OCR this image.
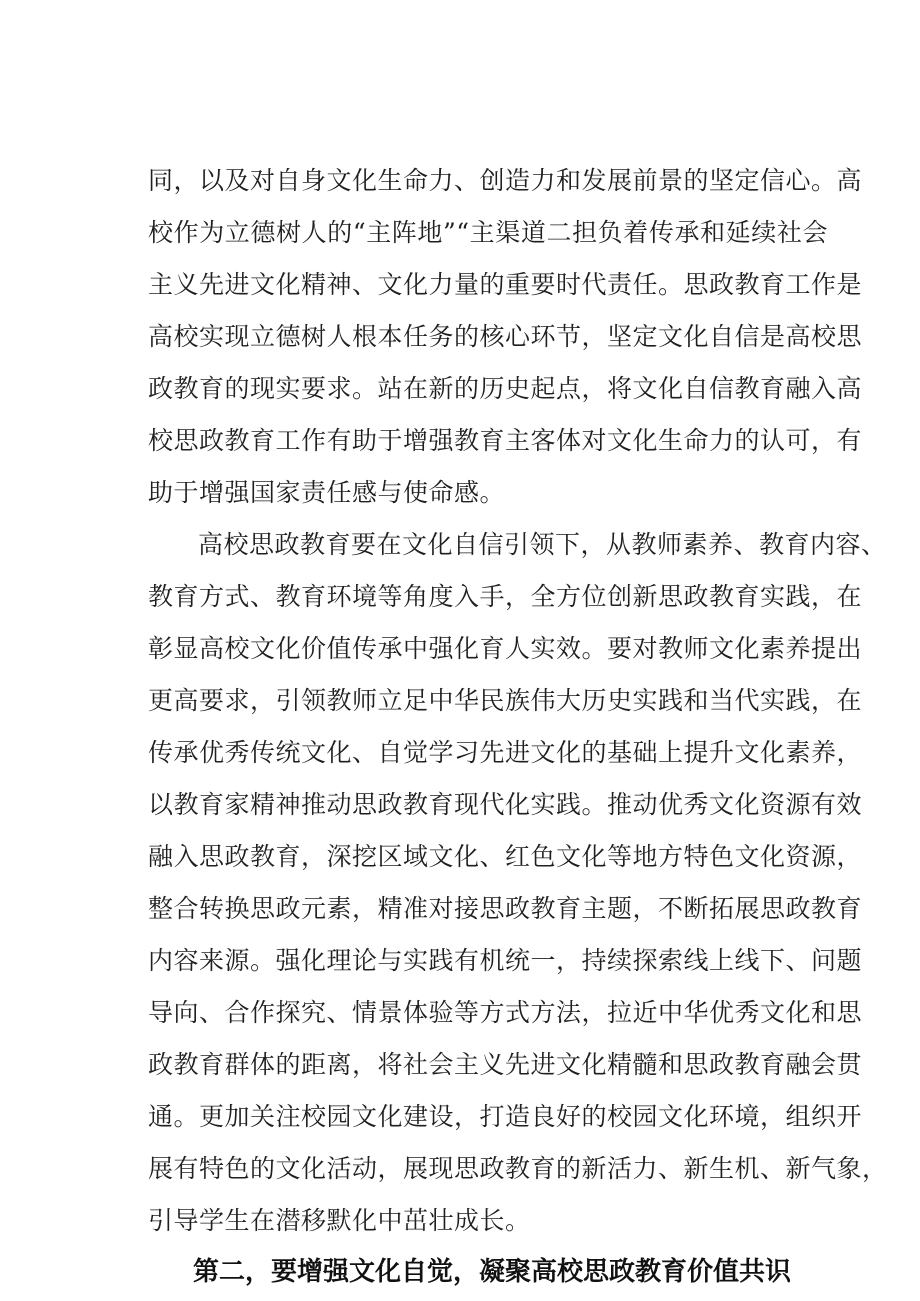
同，以及对自身文化生命力、创造力和发展前景的坚定信心。高
校作为立德树人的“主阵地”“主渠道二担负着传承和延续社会
主义先进文化精神、文化力量的重要时代责任。思政教育工作是
高校实现立德树人根本任务的核心环节，坚定文化自信是高校思
政教育的现实要求。站在新的历史起点，将文化自信教育融入高
校思政教育工作有助于增强教育主客体对文化生命力的认可，有
助于增强国家责任感与使命感。
高校思政教育要在文化自信引领下，从教师素养、教育内容、
教育方式、教育环境等角度入手，全方位创新思政教育实践，在
彰显高校文化价值传承中强化育人实效。要对教师文化素养提出
更高要求，引领教师立足中华民族伟大历史实践和当代实践，在
传承优秀传统文化、自觉学习先进文化的基础上提升文化素养，
以教育家精神推动思政教育现代化实践。推动优秀文化资源有效
融入思政教育，深挖区域文化、红色文化等地方特色文化资源，
整合转换思政元素，精准对接思政教育主题，不断拓展思政教育
内容来源。强化理论与实践有机统一，持续探索线上线下、问题
导向、合作探究、情景体验等方式方法，拉近中华优秀文化和思
政教育群体的距离，将社会主义先进文化精髓和思政教育融会贯
通。更加关注校园文化建设，打造良好的校园文化环境，组织开
展有特色的文化活动，展现思政教育的新活力、新生机、新气象，
引导学生在潜移默化中茁壮成长。
第二，要增强文化自觉，凝聚高校思政教育价值共识
